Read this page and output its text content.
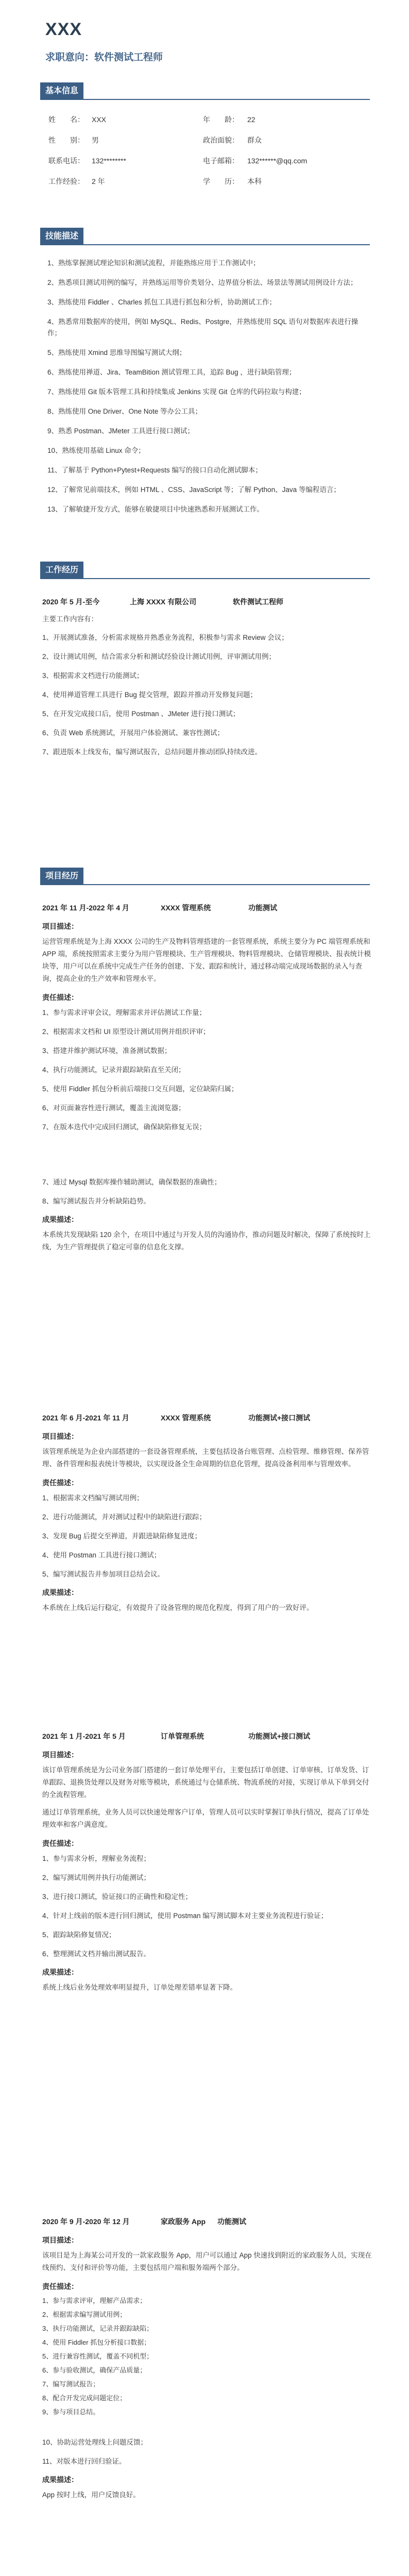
XXX
求职意向：软件测试工程师
基本信息
姓　　名：	XXX	年　　龄：	22
性　　别：	男	政治面貌：	群众
联系电话：	132********	电子邮箱：	132******@qq.com
工作经验：	2 年	学　　历：	本科
技能描述
1、熟练掌握测试理论知识和测试流程，并能熟练应用于工作测试中；
2、熟悉项目测试用例的编写，并熟练运用等价类划分、边界值分析法、场景法等测试用例设计方法；
3、熟练使用 Fiddler 、Charles 抓包工具进行抓包和分析，协助测试工作；
4、熟悉常用数据库的使用，例如 MySQL、Redis、Postgre，并熟练使用 SQL 语句对数据库表进行操作；
5、熟练使用 Xmind 思维导图编写测试大纲；
6、熟练使用禅道、Jira、TeamBition 测试管理工具，追踪 Bug ，进行缺陷管理；
7、熟练使用 Git 版本管理工具和持续集成 Jenkins 实现 Git 仓库的代码拉取与构建；
8、熟练使用 One Driver、One Note 等办公工具；
9、熟悉 Postman、JMeter 工具进行接口测试；
10、熟练使用基础 Linux 命令；
11、了解基于 Python+Pytest+Requests 编写的接口自动化测试脚本；
12、了解常见前端技术，例如 HTML 、CSS、JavaScript 等；了解 Python、Java 等编程语言；
13、了解敏捷开发方式，能够在敏捷项目中快速熟悉和开展测试工作。
工作经历
2020 年 5 月-至今	上海 XXXX 有限公司	软件测试工程师

主要工作内容有：

1、开展测试准备，分析需求规格并熟悉业务流程，积极参与需求 Review 会议；
2、设计测试用例，结合需求分析和测试经验设计测试用例，评审测试用例；
3、根据需求文档进行功能测试；
4、使用禅道管理工具进行 Bug 提交管理，跟踪并推动开发修复问题；
5、在开发完成接口后，使用 Postman 、JMeter 进行接口测试；
6、负责 Web 系统测试，开展用户体验测试、兼容性测试；
7、跟进版本上线发布，编写测试报告，总结问题并推动团队持续改进。
项目经历
2021 年 11 月-2022 年 4 月	XXXX 管理系统	功能测试
项目描述：

运营管理系统是为上海 XXXX 公司的生产及物料管理搭建的一套管理系统，系统主要分为 PC 端管理系统和 APP 端，系统按照需求主要分为用户管理模块、生产管理模块、物料管理模块、仓储管理模块、报表统计模块等，用户可以在系统中完成生产任务的创建、下发、跟踪和统计，通过移动端完成现场数据的录入与查询，提高企业的生产效率和管理水平。

责任描述：
1、参与需求评审会议，理解需求并评估测试工作量；
2、根据需求文档和 UI 原型设计测试用例并组织评审；
3、搭建并维护测试环境，准备测试数据；
4、执行功能测试，记录并跟踪缺陷直至关闭；
5、使用 Fiddler 抓包分析前后端接口交互问题，定位缺陷归属；
6、对页面兼容性进行测试，覆盖主流浏览器；
7、在版本迭代中完成回归测试，确保缺陷修复无误；
7、通过 Mysql 数据库操作辅助测试，确保数据的准确性；
8、编写测试报告并分析缺陷趋势。
成果描述：

本系统共发现缺陷 120 余个，在项目中通过与开发人员的沟通协作，推动问题及时解决，保障了系统按时上线，为生产管理提供了稳定可靠的信息化支撑。

2021 年 6 月-2021 年 11 月	XXXX 管理系统	功能测试+接口测试
项目描述：

该管理系统是为企业内部搭建的一套设备管理系统，主要包括设备台账管理、点检管理、维修管理、保养管理、备件管理和报表统计等模块，以实现设备全生命周期的信息化管理，提高设备利用率与管理效率。

责任描述：
1、根据需求文档编写测试用例；
2、进行功能测试，并对测试过程中的缺陷进行跟踪；
3、发现 Bug 后提交至禅道，并跟进缺陷修复进度；
4、使用 Postman 工具进行接口测试；
5、编写测试报告并参加项目总结会议。
成果描述：

本系统在上线后运行稳定，有效提升了设备管理的规范化程度，得到了用户的一致好评。

2021 年 1 月-2021 年 5 月	订单管理系统	功能测试+接口测试
项目描述：

该订单管理系统是为公司业务部门搭建的一套订单处理平台，主要包括订单创建、订单审核、订单发货、订单跟踪、退换货处理以及财务对账等模块，系统通过与仓储系统、物流系统的对接，实现订单从下单到交付的全流程管理。

通过订单管理系统，业务人员可以快速处理客户订单，管理人员可以实时掌握订单执行情况，提高了订单处理效率和客户满意度。

责任描述：
1、参与需求分析，理解业务流程；
2、编写测试用例并执行功能测试；
3、进行接口测试，验证接口的正确性和稳定性；
4、针对上线前的版本进行回归测试，使用 Postman 编写测试脚本对主要业务流程进行验证；
5、跟踪缺陷修复情况；
6、整理测试文档并输出测试报告。
成果描述：

系统上线后业务处理效率明显提升，订单处理差错率显著下降。

2020 年 9 月-2020 年 12 月	家政服务 App	功能测试
项目描述：

该项目是为上海某公司开发的一款家政服务 App，用户可以通过 App 快速找到附近的家政服务人员，实现在线预约、支付和评价等功能，主要包括用户端和服务端两个部分。

责任描述：
1、参与需求评审，理解产品需求；
2、根据需求编写测试用例；
3、执行功能测试，记录并跟踪缺陷；
4、使用 Fiddler 抓包分析接口数据；
5、进行兼容性测试，覆盖不同机型；
6、参与验收测试，确保产品质量；
7、编写测试报告；
8、配合开发完成问题定位；
9、参与项目总结。
10、协助运营处理线上问题反馈；
11、对版本进行回归验证。
成果描述：

App 按时上线，用户反馈良好。
